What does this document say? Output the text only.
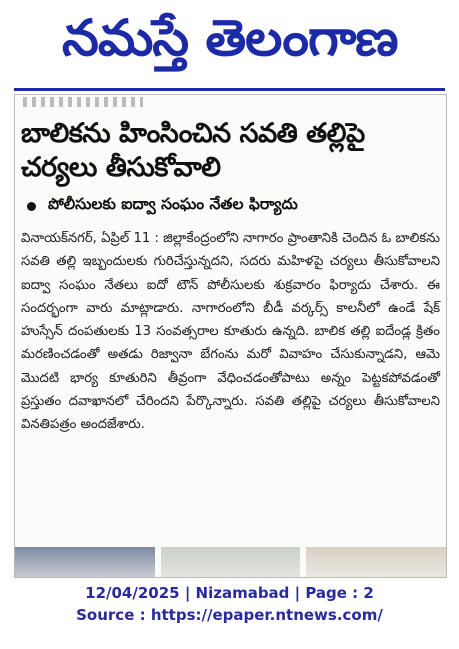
నమస్తే తెలంగాణ
బాలికను హింసించిన సవతి తల్లిపై చర్యలు తీసుకోవాలి
పోలీసులకు ఐద్వా సంఘం నేతల ఫిర్యాదు
వినాయక్‌నగర్, ఏప్రిల్ 11 : జిల్లాకేంద్రంలోని నాగారం ప్రాంతానికి చెందిన ఓ బాలికను సవతి తల్లి ఇబ్బందులకు గురిచేస్తున్నదని, సదరు మహిళపై చర్యలు తీసుకోవాలని ఐద్వా సంఘం నేతలు ఐదో టౌన్ పోలీసులకు శుక్రవారం ఫిర్యాదు చేశారు. ఈ సందర్భంగా వారు మాట్లాడారు. నాగారంలోని బీడీ వర్కర్స్ కాలనీలో ఉండే షేక్ హుస్సేన్ దంపతులకు 13 సంవత్సరాల కూతురు ఉన్నది. బాలిక తల్లి ఐదేండ్ల క్రితం మరణించడంతో అతడు రిజ్వానా బేగంను మరో వివాహం చేసుకున్నాడని, ఆమె మొదటి భార్య కూతురిని తీవ్రంగా వేధించడంతోపాటు అన్నం పెట్టకపోవడంతో ప్రస్తుతం దవాఖానలో చేరిందని పేర్కొన్నారు. సవతి తల్లిపై చర్యలు తీసుకోవాలని వినతిపత్రం అందజేశారు.
12/04/2025 | Nizamabad | Page : 2
Source : https://epaper.ntnews.com/
